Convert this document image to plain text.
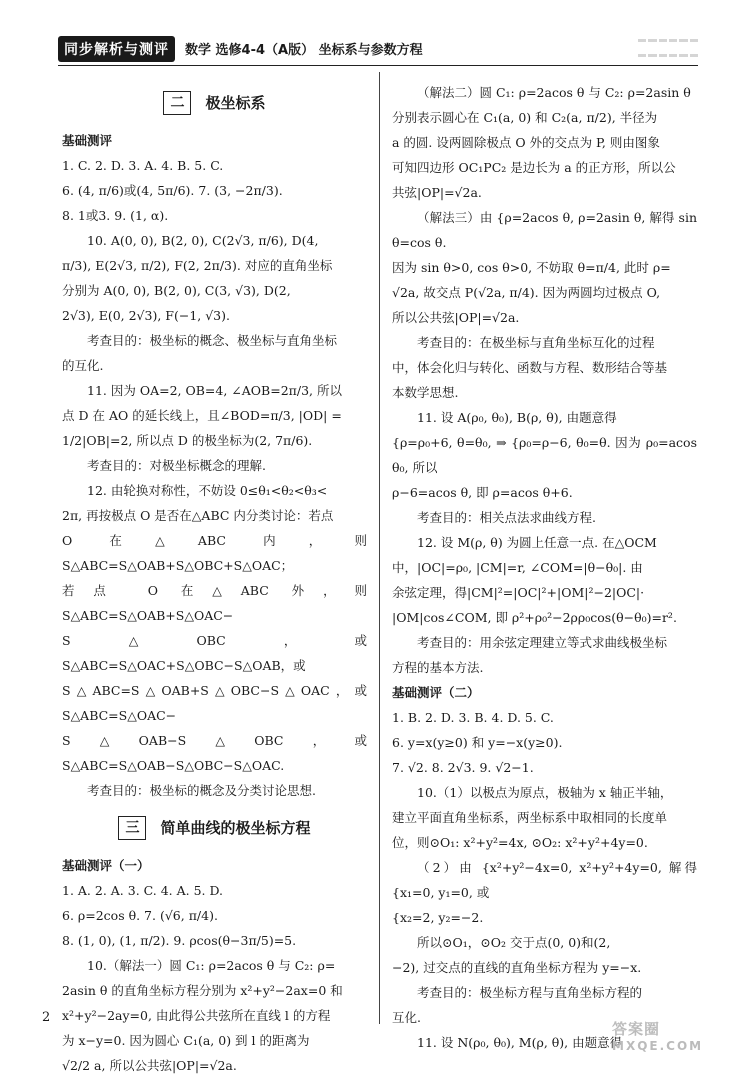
同步解析与测评	数学 选修4-4（A版） 坐标系与参数方程
二	极坐标系
基础测评

1. C. 2. D. 3. A. 4. B. 5. C.

6. (4, π/6)或(4, 5π/6). 7. (3, −2π/3).

8. 1或3. 9. (1, α).

10. A(0, 0), B(2, 0), C(2√3, π/6), D(4,

π/3), E(2√3, π/2), F(2, 2π/3). 对应的直角坐标

分别为 A(0, 0), B(2, 0), C(3, √3), D(2,

2√3), E(0, 2√3), F(−1, √3).

考查目的：极坐标的概念、极坐标与直角坐标

的互化.

11. 因为 OA=2, OB=4, ∠AOB=2π/3, 所以

点 D 在 AO 的延长线上，且∠BOD=π/3, |OD| =

1/2|OB|=2, 所以点 D 的极坐标为(2, 7π/6).

考查目的：对极坐标概念的理解.

12. 由轮换对称性，不妨设 0≤θ₁<θ₂<θ₃<

2π, 再按极点 O 是否在△ABC 内分类讨论：若点

O 在△ABC 内，则 S△ABC=S△OAB+S△OBC+S△OAC；

若点 O 在△ABC 外，则 S△ABC=S△OAB+S△OAC−

S△OBC，或 S△ABC=S△OAC+S△OBC−S△OAB，或

S△ABC=S△OAB+S△OBC−S△OAC，或 S△ABC=S△OAC−

S△OAB−S△OBC，或 S△ABC=S△OAB−S△OBC−S△OAC.

考查目的：极坐标的概念及分类讨论思想.

三	简单曲线的极坐标方程
基础测评（一）

1. A. 2. A. 3. C. 4. A. 5. D.

6. ρ=2cos θ. 7. (√6, π/4).

8. (1, 0), (1, π/2). 9. ρcos(θ−3π/5)=5.

10.（解法一）圆 C₁: ρ=2acos θ 与 C₂: ρ=

2asin θ 的直角坐标方程分别为 x²+y²−2ax=0 和

x²+y²−2ay=0, 由此得公共弦所在直线 l 的方程

为 x−y=0. 因为圆心 C₁(a, 0) 到 l 的距离为

√2/2 a, 所以公共弦|OP|=√2a.

（解法二）圆 C₁: ρ=2acos θ 与 C₂: ρ=2asin θ

分别表示圆心在 C₁(a, 0) 和 C₂(a, π/2), 半径为

a 的圆. 设两圆除极点 O 外的交点为 P, 则由图象

可知四边形 OC₁PC₂ 是边长为 a 的正方形，所以公

共弦|OP|=√2a.

（解法三）由 {ρ=2acos θ, ρ=2asin θ, 解得 sin θ=cos θ.

因为 sin θ>0, cos θ>0, 不妨取 θ=π/4, 此时 ρ=

√2a, 故交点 P(√2a, π/4). 因为两圆均过极点 O,

所以公共弦|OP|=√2a.

考查目的：在极坐标与直角坐标互化的过程

中，体会化归与转化、函数与方程、数形结合等基

本数学思想.

11. 设 A(ρ₀, θ₀), B(ρ, θ), 由题意得

{ρ=ρ₀+6, θ=θ₀, ⇒ {ρ₀=ρ−6, θ₀=θ. 因为 ρ₀=acos θ₀, 所以

ρ−6=acos θ, 即 ρ=acos θ+6.

考查目的：相关点法求曲线方程.

12. 设 M(ρ, θ) 为圆上任意一点. 在△OCM

中，|OC|=ρ₀, |CM|=r, ∠COM=|θ−θ₀|. 由

余弦定理，得|CM|²=|OC|²+|OM|²−2|OC|·

|OM|cos∠COM, 即 ρ²+ρ₀²−2ρρ₀cos(θ−θ₀)=r².

考查目的：用余弦定理建立等式求曲线极坐标

方程的基本方法.

基础测评（二）

1. B. 2. D. 3. B. 4. D. 5. C.

6. y=x(y≥0) 和 y=−x(y≥0).

7. √2. 8. 2√3. 9. √2−1.

10.（1）以极点为原点，极轴为 x 轴正半轴，

建立平面直角坐标系，两坐标系中取相同的长度单

位，则⊙O₁: x²+y²=4x, ⊙O₂: x²+y²+4y=0.

（2）由 {x²+y²−4x=0, x²+y²+4y=0, 解得 {x₁=0, y₁=0, 或

{x₂=2, y₂=−2.

所以⊙O₁，⊙O₂ 交于点(0, 0)和(2,

−2), 过交点的直线的直角坐标方程为 y=−x.

考查目的：极坐标方程与直角坐标方程的

互化.

11. 设 N(ρ₀, θ₀), M(ρ, θ), 由题意得

2
答案圈
MXQE.COM
